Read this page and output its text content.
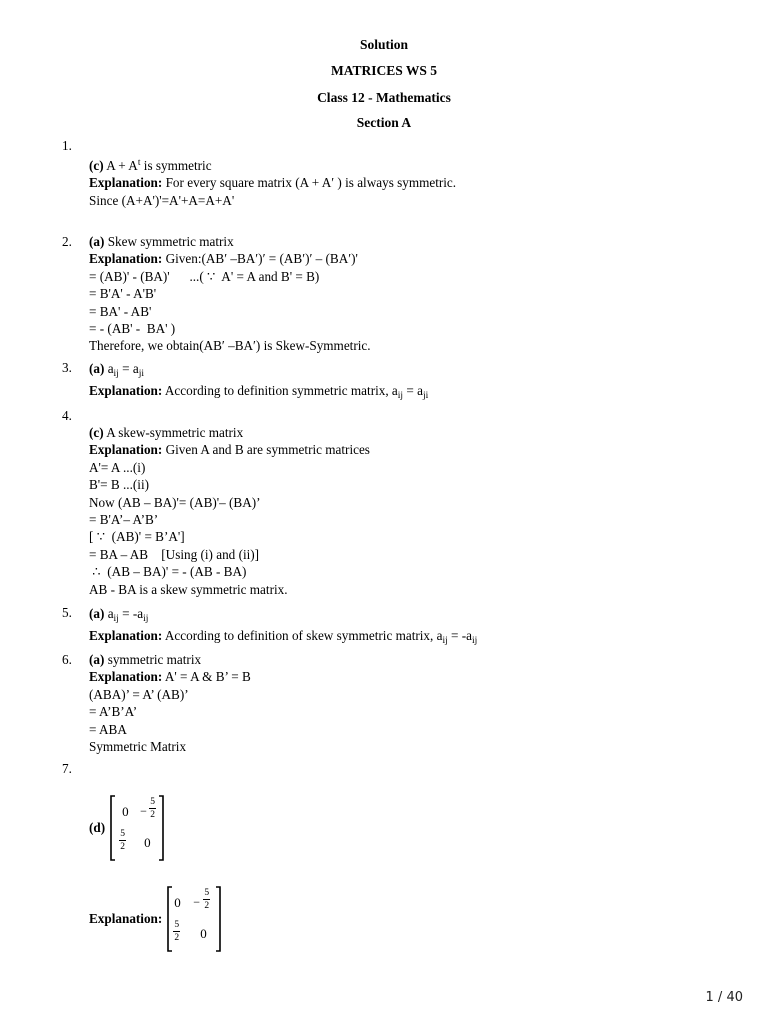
Solution
MATRICES WS 5
Class 12 - Mathematics
Section A
1.
(c) $A + A^t$ is symmetric
Explanation: For every square matrix (A + A′ ) is always symmetric.
Since (A+A')'=A'+A=A+A'
2. (a) Skew symmetric matrix
Explanation: Given:(AB′ –BA′)′ = (AB′)′ – (BA′)'
= (AB)' - (BA)'      ...( ∵  A' = A and B' = B)
= B'A' - A'B'
= BA' - AB'
= - (AB' -  BA' )
Therefore, we obtain(AB′ –BA′) is Skew-Symmetric.
3. (a) $a_{ij} = a_{ji}$
Explanation: According to definition symmetric matrix, $a_{ij} = a_{ji}$
4.
(c) A skew-symmetric matrix
Explanation: Given A and B are symmetric matrices
A'= A ...(i)
B'= B ...(ii)
Now (AB – BA)'= (AB)'– (BA)’
= B'A’– A’B’
[ ∵  (AB)' = B’A']
= BA – AB    [Using (i) and (ii)]
∴  (AB – BA)' = - (AB - BA)
AB - BA is a skew symmetric matrix.
5. (a) $a_{ij} = -a_{ij}$
Explanation: According to definition of skew symmetric matrix, $a_{ij} = -a_{ij}$
6. (a) symmetric matrix
Explanation: A' = A & B’ = B
(ABA)’ = A’ (AB)’
= A’B’A’
= ABA
Symmetric Matrix
7.
(d)
0 −
5
2
5
2 0
Explanation:
0 −
5
2
5
2 0
1 / 40
